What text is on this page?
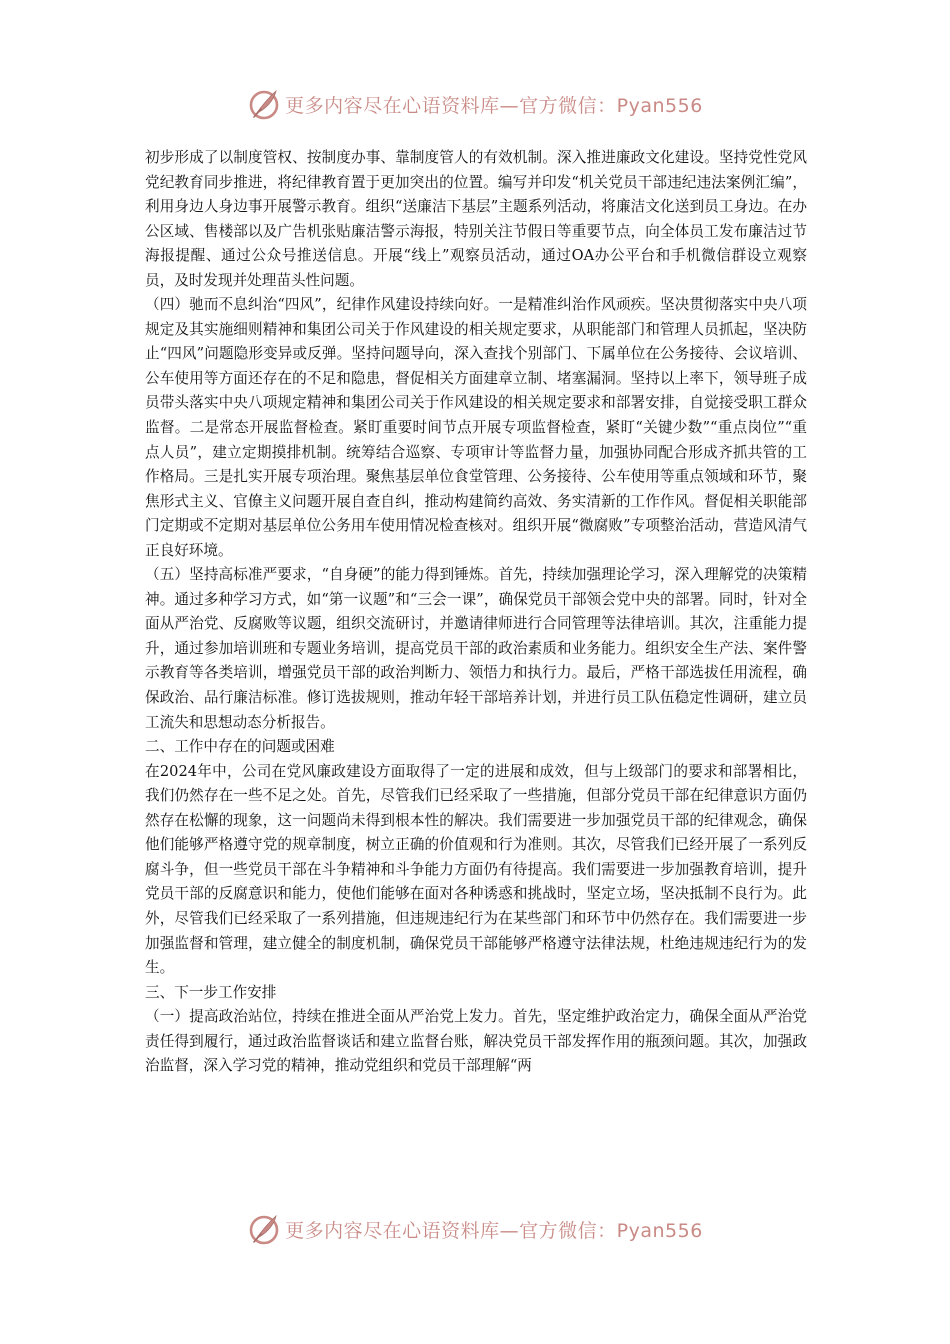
更多内容尽在心语资料库—官方微信：Pyan556

初步形成了以制度管权、按制度办事、靠制度管人的有效机制。深入推进廉政文化建设。坚持党性党风党纪教育同步推进，将纪律教育置于更加突出的位置。编写并印发“机关党员干部违纪违法案例汇编”，利用身边人身边事开展警示教育。组织“送廉洁下基层”主题系列活动，将廉洁文化送到员工身边。在办公区域、售楼部以及广告机张贴廉洁警示海报，特别关注节假日等重要节点，向全体员工发布廉洁过节海报提醒、通过公众号推送信息。开展“线上”观察员活动，通过OA办公平台和手机微信群设立观察员，及时发现并处理苗头性问题。

（四）驰而不息纠治“四风”，纪律作风建设持续向好。一是精准纠治作风顽疾。坚决贯彻落实中央八项规定及其实施细则精神和集团公司关于作风建设的相关规定要求，从职能部门和管理人员抓起，坚决防止“四风”问题隐形变异或反弹。坚持问题导向，深入查找个别部门、下属单位在公务接待、会议培训、公车使用等方面还存在的不足和隐患，督促相关方面建章立制、堵塞漏洞。坚持以上率下，领导班子成员带头落实中央八项规定精神和集团公司关于作风建设的相关规定要求和部署安排，自觉接受职工群众监督。二是常态开展监督检查。紧盯重要时间节点开展专项监督检查，紧盯“关键少数”“重点岗位”“重点人员”，建立定期摸排机制。统筹结合巡察、专项审计等监督力量，加强协同配合形成齐抓共管的工作格局。三是扎实开展专项治理。聚焦基层单位食堂管理、公务接待、公车使用等重点领域和环节，聚焦形式主义、官僚主义问题开展自查自纠，推动构建简约高效、务实清新的工作作风。督促相关职能部门定期或不定期对基层单位公务用车使用情况检查核对。组织开展“微腐败”专项整治活动，营造风清气正良好环境。

（五）坚持高标准严要求，“自身硬”的能力得到锤炼。首先，持续加强理论学习，深入理解党的决策精神。通过多种学习方式，如“第一议题”和“三会一课”，确保党员干部领会党中央的部署。同时，针对全面从严治党、反腐败等议题，组织交流研讨，并邀请律师进行合同管理等法律培训。其次，注重能力提升，通过参加培训班和专题业务培训，提高党员干部的政治素质和业务能力。组织安全生产法、案件警示教育等各类培训，增强党员干部的政治判断力、领悟力和执行力。最后，严格干部选拔任用流程，确保政治、品行廉洁标准。修订选拔规则，推动年轻干部培养计划，并进行员工队伍稳定性调研，建立员工流失和思想动态分析报告。

二、工作中存在的问题或困难

在2024年中，公司在党风廉政建设方面取得了一定的进展和成效，但与上级部门的要求和部署相比，我们仍然存在一些不足之处。首先，尽管我们已经采取了一些措施，但部分党员干部在纪律意识方面仍然存在松懈的现象，这一问题尚未得到根本性的解决。我们需要进一步加强党员干部的纪律观念，确保他们能够严格遵守党的规章制度，树立正确的价值观和行为准则。其次，尽管我们已经开展了一系列反腐斗争，但一些党员干部在斗争精神和斗争能力方面仍有待提高。我们需要进一步加强教育培训，提升党员干部的反腐意识和能力，使他们能够在面对各种诱惑和挑战时，坚定立场，坚决抵制不良行为。此外，尽管我们已经采取了一系列措施，但违规违纪行为在某些部门和环节中仍然存在。我们需要进一步加强监督和管理，建立健全的制度机制，确保党员干部能够严格遵守法律法规，杜绝违规违纪行为的发生。

三、下一步工作安排

（一）提高政治站位，持续在推进全面从严治党上发力。首先，坚定维护政治定力，确保全面从严治党责任得到履行，通过政治监督谈话和建立监督台账，解决党员干部发挥作用的瓶颈问题。其次，加强政治监督，深入学习党的精神，推动党组织和党员干部理解“两

更多内容尽在心语资料库—官方微信：Pyan556
